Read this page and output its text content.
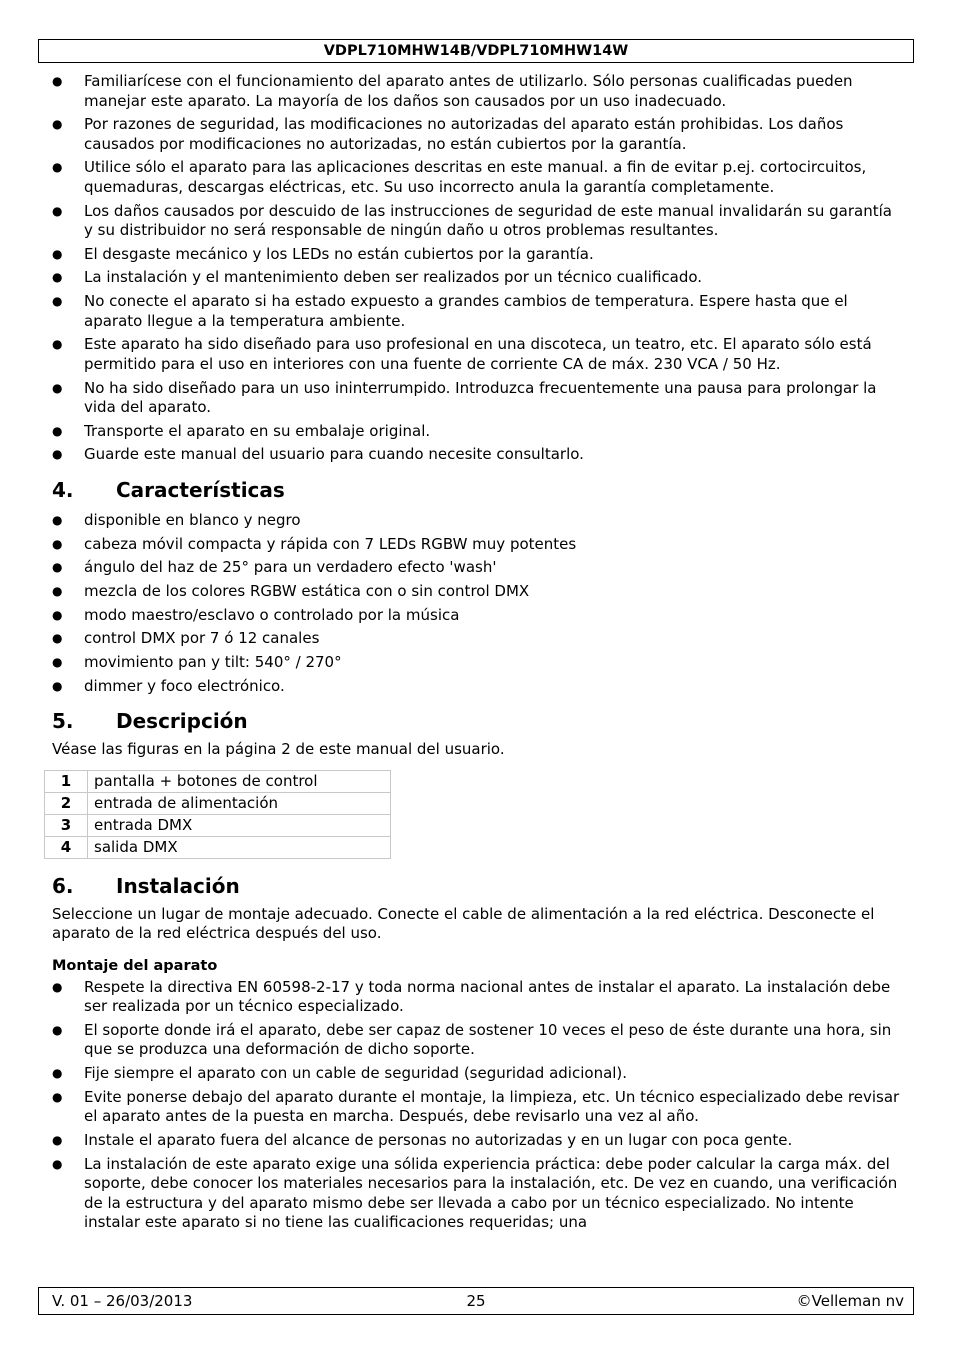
VDPL710MHW14B/VDPL710MHW14W
● Familiarícese con el funcionamiento del aparato antes de utilizarlo. Sólo personas cualificadas pueden manejar este aparato. La mayoría de los daños son causados por un uso inadecuado.
● Por razones de seguridad, las modificaciones no autorizadas del aparato están prohibidas. Los daños causados por modificaciones no autorizadas, no están cubiertos por la garantía.
● Utilice sólo el aparato para las aplicaciones descritas en este manual. a fin de evitar p.ej. cortocircuitos, quemaduras, descargas eléctricas, etc. Su uso incorrecto anula la garantía completamente.
● Los daños causados por descuido de las instrucciones de seguridad de este manual invalidarán su garantía y su distribuidor no será responsable de ningún daño u otros problemas resultantes.
● El desgaste mecánico y los LEDs no están cubiertos por la garantía.
● La instalación y el mantenimiento deben ser realizados por un técnico cualificado.
● No conecte el aparato si ha estado expuesto a grandes cambios de temperatura. Espere hasta que el aparato llegue a la temperatura ambiente.
● Este aparato ha sido diseñado para uso profesional en una discoteca, un teatro, etc. El aparato sólo está permitido para el uso en interiores con una fuente de corriente CA de máx. 230 VCA / 50 Hz.
● No ha sido diseñado para un uso ininterrumpido. Introduzca frecuentemente una pausa para prolongar la vida del aparato.
● Transporte el aparato en su embalaje original.
● Guarde este manual del usuario para cuando necesite consultarlo.
4. Características
● disponible en blanco y negro
● cabeza móvil compacta y rápida con 7 LEDs RGBW muy potentes
● ángulo del haz de 25° para un verdadero efecto 'wash'
● mezcla de los colores RGBW estática con o sin control DMX
● modo maestro/esclavo o controlado por la música
● control DMX por 7 ó 12 canales
● movimiento pan y tilt: 540° / 270°
● dimmer y foco electrónico.
5. Descripción

Véase las figuras en la página 2 de este manual del usuario.

1	pantalla + botones de control
2	entrada de alimentación
3	entrada DMX
4	salida DMX
6. Instalación

Seleccione un lugar de montaje adecuado. Conecte el cable de alimentación a la red eléctrica. Desconecte el aparato de la red eléctrica después del uso.

Montaje del aparato
● Respete la directiva EN 60598-2-17 y toda norma nacional antes de instalar el aparato. La instalación debe ser realizada por un técnico especializado.
● El soporte donde irá el aparato, debe ser capaz de sostener 10 veces el peso de éste durante una hora, sin que se produzca una deformación de dicho soporte.
● Fije siempre el aparato con un cable de seguridad (seguridad adicional).
● Evite ponerse debajo del aparato durante el montaje, la limpieza, etc. Un técnico especializado debe revisar el aparato antes de la puesta en marcha. Después, debe revisarlo una vez al año.
● Instale el aparato fuera del alcance de personas no autorizadas y en un lugar con poca gente.
● La instalación de este aparato exige una sólida experiencia práctica: debe poder calcular la carga máx. del soporte, debe conocer los materiales necesarios para la instalación, etc. De vez en cuando, una verificación de la estructura y del aparato mismo debe ser llevada a cabo por un técnico especializado. No intente instalar este aparato si no tiene las cualificaciones requeridas; una
V. 01 – 26/03/2013	25	©Velleman nv
